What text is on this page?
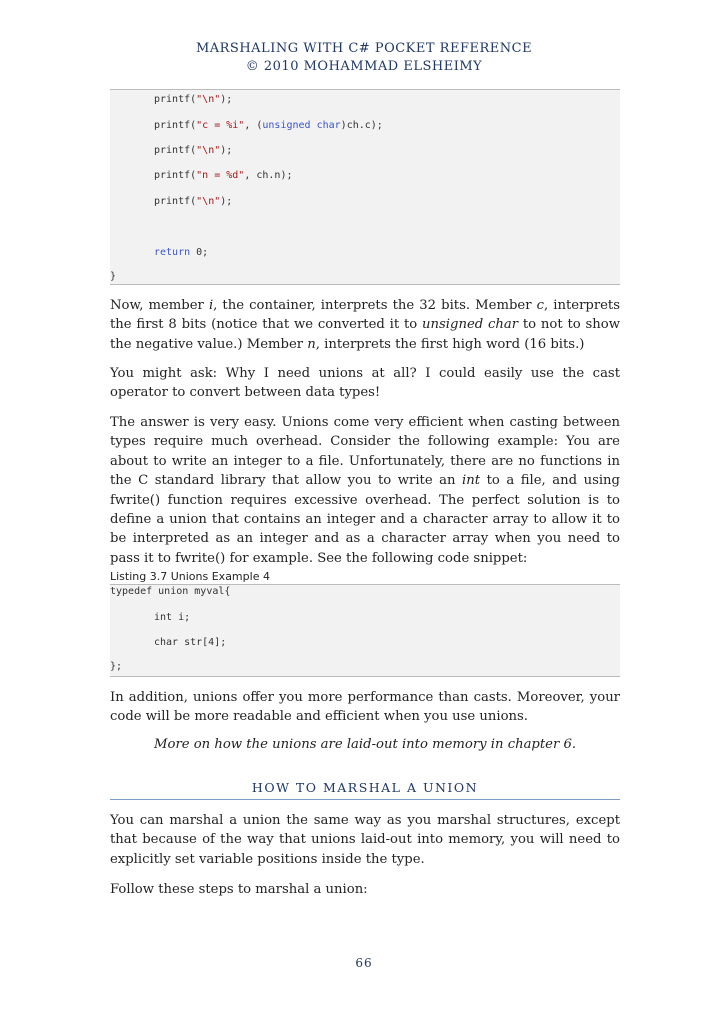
MARSHALING WITH C# POCKET REFERENCE
© 2010 MOHAMMAD ELSHEIMY
printf("\n");
printf("c = %i", (unsigned char)ch.c);
printf("\n");
printf("n = %d", ch.n);
printf("\n");
return 0;
}

Now, member i, the container, interprets the 32 bits. Member c, interprets the first 8 bits (notice that we converted it to unsigned char to not to show the negative value.) Member n, interprets the first high word (16 bits.)

You might ask: Why I need unions at all? I could easily use the cast operator to convert between data types!

The answer is very easy. Unions come very efficient when casting between types require much overhead. Consider the following example: You are about to write an integer to a file. Unfortunately, there are no functions in the C standard library that allow you to write an int to a file, and using fwrite() function requires excessive overhead. The perfect solution is to define a union that contains an integer and a character array to allow it to be interpreted as an integer and as a character array when you need to pass it to fwrite() for example. See the following code snippet:

Listing 3.7 Unions Example 4
typedef union myval{
int i;
char str[4];
};

In addition, unions offer you more performance than casts. Moreover, your code will be more readable and efficient when you use unions.

More on how the unions are laid-out into memory in chapter 6.
HOW TO MARSHAL A UNION

You can marshal a union the same way as you marshal structures, except that because of the way that unions laid-out into memory, you will need to explicitly set variable positions inside the type.

Follow these steps to marshal a union:

66
